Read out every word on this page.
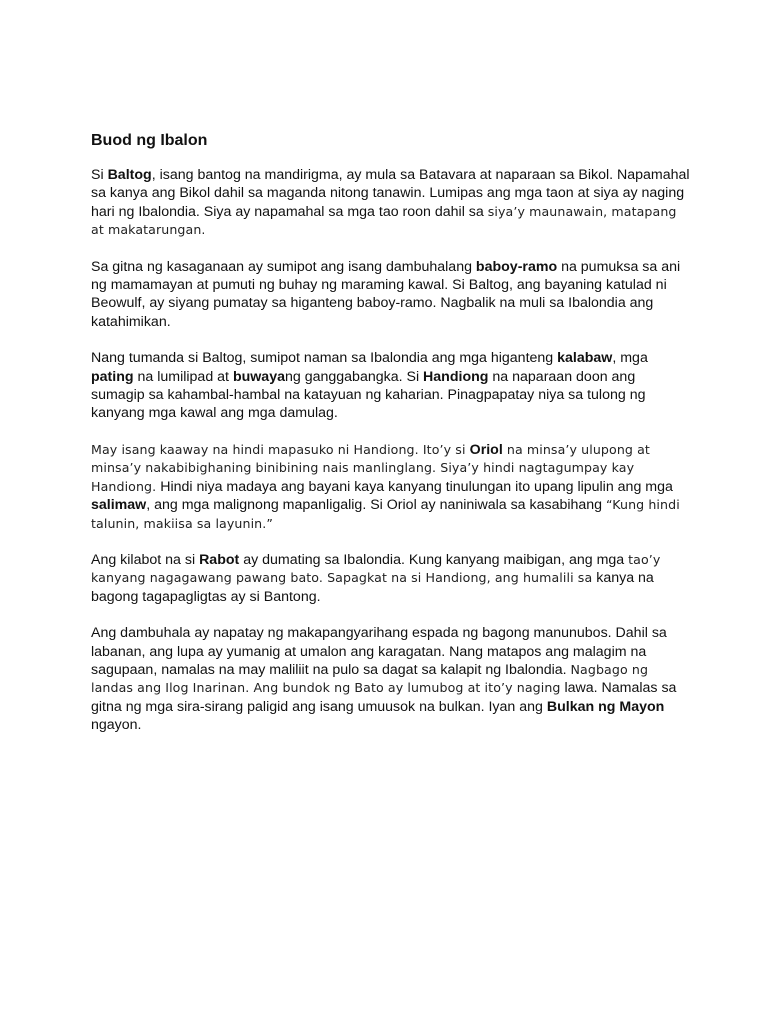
Buod ng Ibalon

Si Baltog, isang bantog na mandirigma, ay mula sa Batavara at naparaan sa Bikol. Napamahal sa kanya ang Bikol dahil sa maganda nitong tanawin. Lumipas ang mga taon at siya ay naging hari ng Ibalondia. Siya ay napamahal sa mga tao roon dahil sa siya’y maunawain, matapang at makatarungan.

Sa gitna ng kasaganaan ay sumipot ang isang dambuhalang baboy-ramo na pumuksa sa ani ng mamamayan at pumuti ng buhay ng maraming kawal. Si Baltog, ang bayaning katulad ni Beowulf, ay siyang pumatay sa higanteng baboy-ramo. Nagbalik na muli sa Ibalondia ang katahimikan.

Nang tumanda si Baltog, sumipot naman sa Ibalondia ang mga higanteng kalabaw, mga pating na lumilipad at buwayang ganggabangka. Si Handiong na naparaan doon ang sumagip sa kahambal-hambal na katayuan ng kaharian. Pinagpapatay niya sa tulong ng kanyang mga kawal ang mga damulag.

May isang kaaway na hindi mapasuko ni Handiong. Ito’y si Oriol na minsa’y ulupong at minsa’y nakabibighaning binibining nais manlinglang. Siya’y hindi nagtagumpay kay Handiong. Hindi niya madaya ang bayani kaya kanyang tinulungan ito upang lipulin ang mga salimaw, ang mga malignong mapanligalig. Si Oriol ay naniniwala sa kasabihang “Kung hindi talunin, makiisa sa layunin.”

Ang kilabot na si Rabot ay dumating sa Ibalondia. Kung kanyang maibigan, ang mga tao’y kanyang nagagawang pawang bato. Sapagkat na si Handiong, ang humalili sa kanya na bagong tagapagligtas ay si Bantong.

Ang dambuhala ay napatay ng makapangyarihang espada ng bagong manunubos. Dahil sa labanan, ang lupa ay yumanig at umalon ang karagatan. Nang matapos ang malagim na sagupaan, namalas na may maliliit na pulo sa dagat sa kalapit ng Ibalondia. Nagbago ng landas ang Ilog Inarinan. Ang bundok ng Bato ay lumubog at ito’y naging lawa. Namalas sa gitna ng mga sira-sirang paligid ang isang umuusok na bulkan. Iyan ang Bulkan ng Mayon ngayon.
